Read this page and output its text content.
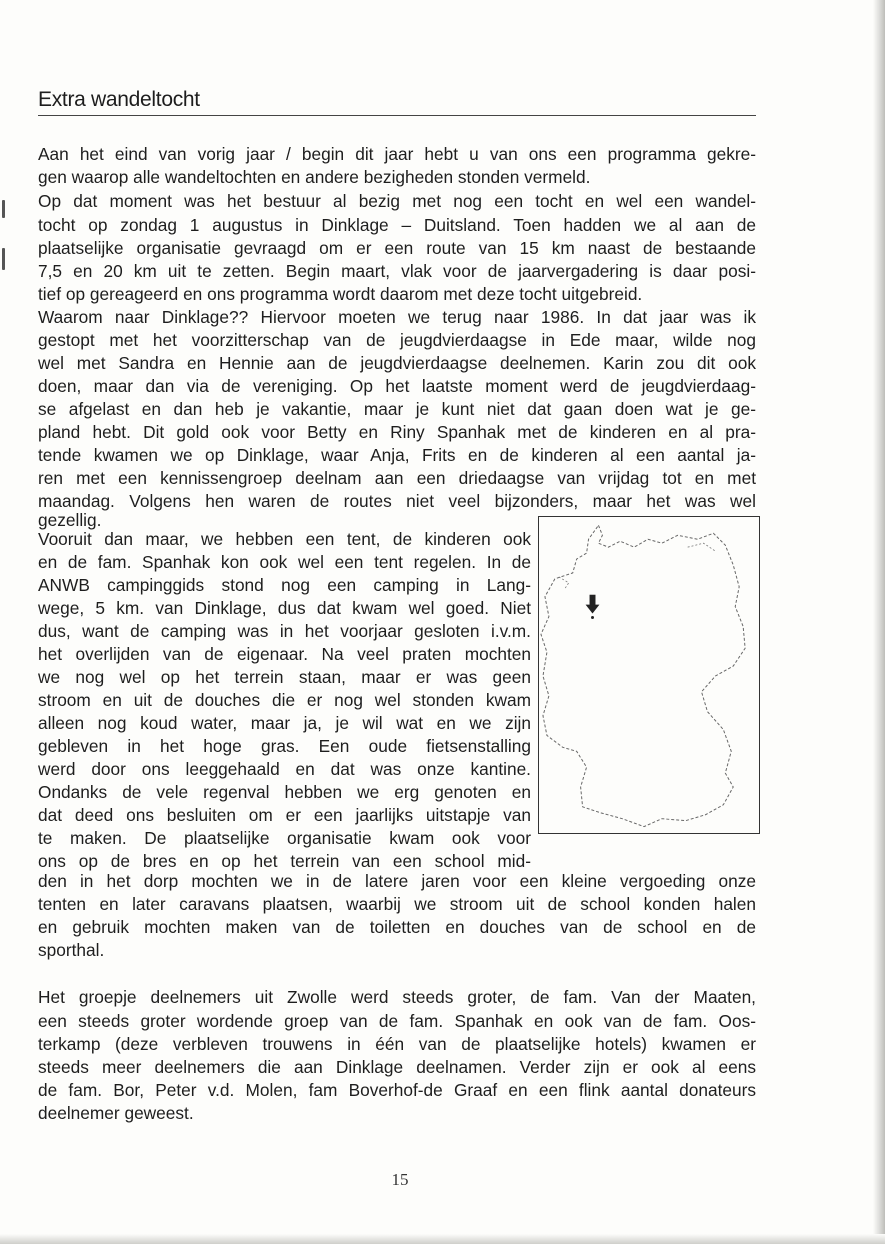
Extra wandeltocht
Aan het eind van vorig jaar / begin dit jaar hebt u van ons een programma gekre-
gen waarop alle wandeltochten en andere bezigheden stonden vermeld.
Op dat moment was het bestuur al bezig met nog een tocht en wel een wandel-
tocht op zondag 1 augustus in Dinklage – Duitsland. Toen hadden we al aan de
plaatselijke organisatie gevraagd om er een route van 15 km naast de bestaande
7,5 en 20 km uit te zetten. Begin maart, vlak voor de jaarvergadering is daar posi-
tief op gereageerd en ons programma wordt daarom met deze tocht uitgebreid.
Waarom naar Dinklage?? Hiervoor moeten we terug naar 1986. In dat jaar was ik
gestopt met het voorzitterschap van de jeugdvierdaagse in Ede maar, wilde nog
wel met Sandra en Hennie aan de jeugdvierdaagse deelnemen. Karin zou dit ook
doen, maar dan via de vereniging. Op het laatste moment werd de jeugdvierdaag-
se afgelast en dan heb je vakantie, maar je kunt niet dat gaan doen wat je ge-
pland hebt. Dit gold ook voor Betty en Riny Spanhak met de kinderen en al pra-
tende kwamen we op Dinklage, waar Anja, Frits en de kinderen al een aantal ja-
ren met een kennissengroep deelnam aan een driedaagse van vrijdag tot en met
maandag. Volgens hen waren de routes niet veel bijzonders, maar het was wel
gezellig.
Vooruit dan maar, we hebben een tent, de kinderen ook
en de fam. Spanhak kon ook wel een tent regelen. In de
ANWB campinggids stond nog een camping in Lang-
wege, 5 km. van Dinklage, dus dat kwam wel goed. Niet
dus, want de camping was in het voorjaar gesloten i.v.m.
het overlijden van de eigenaar. Na veel praten mochten
we nog wel op het terrein staan, maar er was geen
stroom en uit de douches die er nog wel stonden kwam
alleen nog koud water, maar ja, je wil wat en we zijn
gebleven in het hoge gras. Een oude fietsenstalling
werd door ons leeggehaald en dat was onze kantine.
Ondanks de vele regenval hebben we erg genoten en
dat deed ons besluiten om er een jaarlijks uitstapje van
te maken. De plaatselijke organisatie kwam ook voor
ons op de bres en op het terrein van een school mid-
den in het dorp mochten we in de latere jaren voor een kleine vergoeding onze
tenten en later caravans plaatsen, waarbij we stroom uit de school konden halen
en gebruik mochten maken van de toiletten en douches van de school en de
sporthal.
Het groepje deelnemers uit Zwolle werd steeds groter, de fam. Van der Maaten,
een steeds groter wordende groep van de fam. Spanhak en ook van de fam. Oos-
terkamp (deze verbleven trouwens in één van de plaatselijke hotels) kwamen er
steeds meer deelnemers die aan Dinklage deelnamen. Verder zijn er ook al eens
de fam. Bor, Peter v.d. Molen, fam Boverhof-de Graaf en een flink aantal donateurs
deelnemer geweest.
15
